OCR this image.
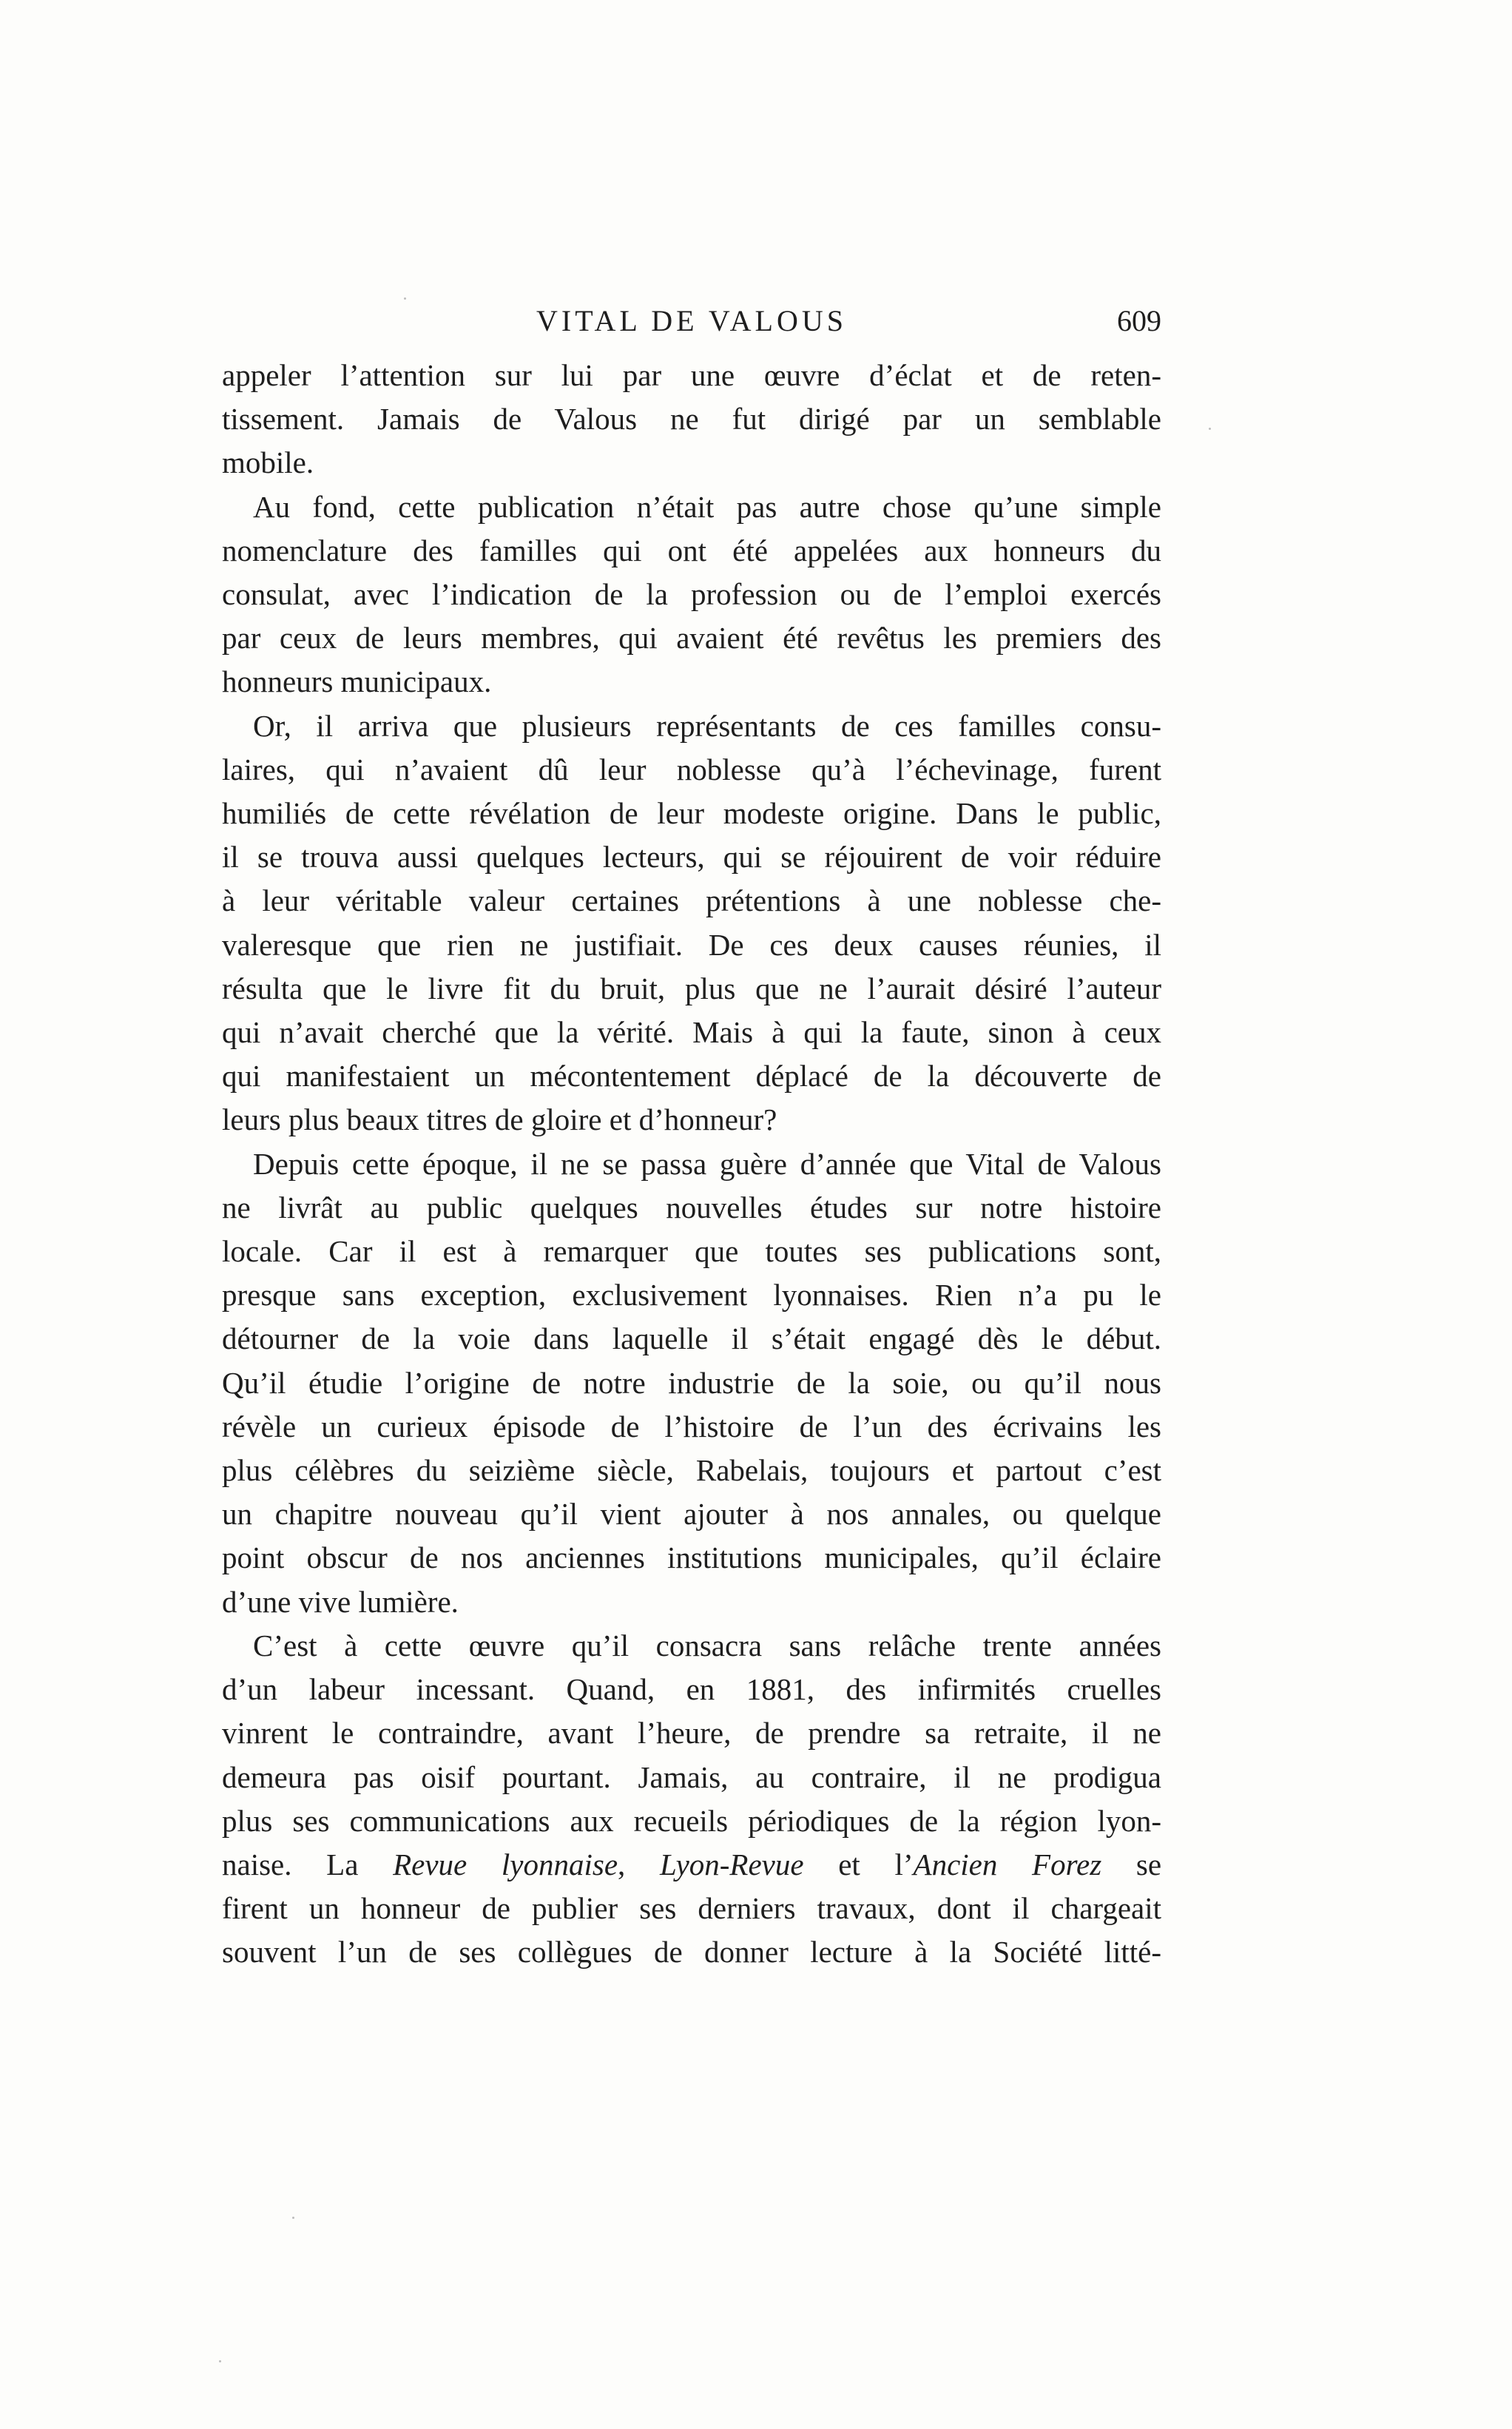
VITAL DE VALOUS	609

appeler l’attention sur lui par une œuvre d’éclat et de reten-
tissement. Jamais de Valous ne fut dirigé par un semblable
mobile.

Au fond, cette publication n’était pas autre chose qu’une simple
nomenclature des familles qui ont été appelées aux honneurs du
consulat, avec l’indication de la profession ou de l’emploi exercés
par ceux de leurs membres, qui avaient été revêtus les premiers des
honneurs municipaux.

Or, il arriva que plusieurs représentants de ces familles consu-
laires, qui n’avaient dû leur noblesse qu’à l’échevinage, furent
humiliés de cette révélation de leur modeste origine. Dans le public,
il se trouva aussi quelques lecteurs, qui se réjouirent de voir réduire
à leur véritable valeur certaines prétentions à une noblesse che-
valeresque que rien ne justifiait. De ces deux causes réunies, il
résulta que le livre fit du bruit, plus que ne l’aurait désiré l’auteur
qui n’avait cherché que la vérité. Mais à qui la faute, sinon à ceux
qui manifestaient un mécontentement déplacé de la découverte de
leurs plus beaux titres de gloire et d’honneur?

Depuis cette époque, il ne se passa guère d’année que Vital de Valous
ne livrât au public quelques nouvelles études sur notre histoire
locale. Car il est à remarquer que toutes ses publications sont,
presque sans exception, exclusivement lyonnaises. Rien n’a pu le
détourner de la voie dans laquelle il s’était engagé dès le début.
Qu’il étudie l’origine de notre industrie de la soie, ou qu’il nous
révèle un curieux épisode de l’histoire de l’un des écrivains les
plus célèbres du seizième siècle, Rabelais, toujours et partout c’est
un chapitre nouveau qu’il vient ajouter à nos annales, ou quelque
point obscur de nos anciennes institutions municipales, qu’il éclaire
d’une vive lumière.

C’est à cette œuvre qu’il consacra sans relâche trente années
d’un labeur incessant. Quand, en 1881, des infirmités cruelles
vinrent le contraindre, avant l’heure, de prendre sa retraite, il ne
demeura pas oisif pourtant. Jamais, au contraire, il ne prodigua
plus ses communications aux recueils périodiques de la région lyon-
naise. La Revue lyonnaise, Lyon-Revue et l’Ancien Forez se
firent un honneur de publier ses derniers travaux, dont il chargeait
souvent l’un de ses collègues de donner lecture à la Société litté-
